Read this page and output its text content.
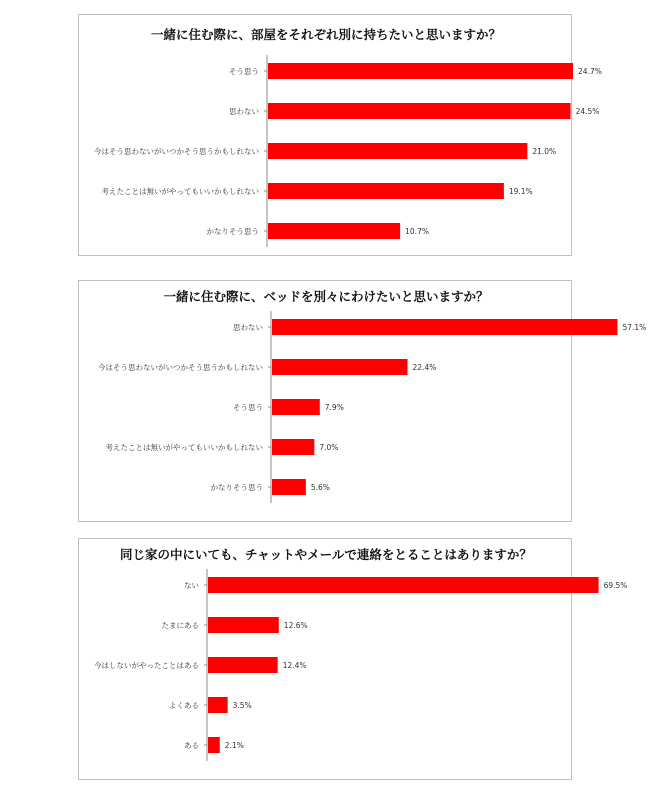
一緒に住む際に、部屋をそれぞれ別に持ちたいと思いますか？
そう思う	24.7%
思わない	24.5%
今はそう思わないがいつかそう思うかもしれない	21.0%
考えたことは無いがやってもいいかもしれない	19.1%
かなりそう思う	10.7%
一緒に住む際に、ベッドを別々にわけたいと思いますか？
思わない	57.1%
今はそう思わないがいつかそう思うかもしれない	22.4%
そう思う	7.9%
考えたことは無いがやってもいいかもしれない	7.0%
かなりそう思う	5.6%
同じ家の中にいても、チャットやメールで連絡をとることはありますか？
ない	69.5%
たまにある	12.6%
今はしないがやったことはある	12.4%
よくある	3.5%
ある	2.1%
